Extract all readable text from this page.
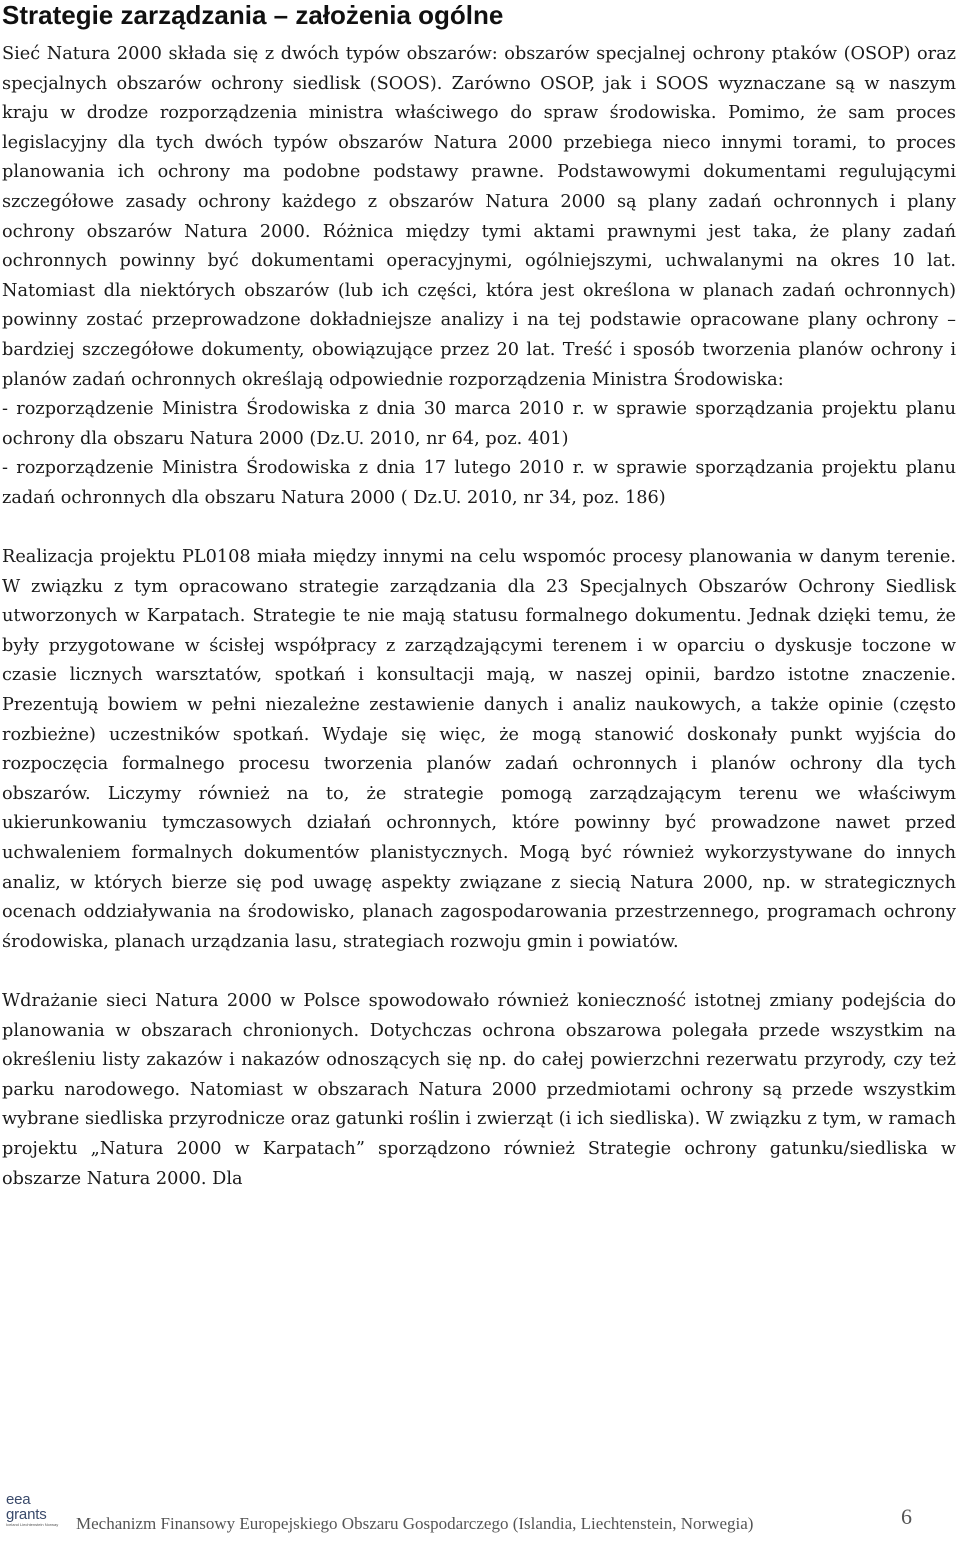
Strategie zarządzania – założenia ogólne

Sieć Natura 2000 składa się z dwóch typów obszarów: obszarów specjalnej ochrony ptaków (OSOP) oraz specjalnych obszarów ochrony siedlisk (SOOS). Zarówno OSOP, jak i SOOS wyznaczane są w naszym kraju w drodze rozporządzenia ministra właściwego do spraw środowiska. Pomimo, że sam proces legislacyjny dla tych dwóch typów obszarów Natura 2000 przebiega nieco innymi torami, to proces planowania ich ochrony ma podobne podstawy prawne. Podstawowymi dokumentami regulującymi szczegółowe zasady ochrony każdego z obszarów Natura 2000 są plany zadań ochronnych i plany ochrony obszarów Natura 2000. Różnica między tymi aktami prawnymi jest taka, że plany zadań ochronnych powinny być dokumentami operacyjnymi, ogólniejszymi, uchwalanymi na okres 10 lat. Natomiast dla niektórych obszarów (lub ich części, która jest określona w planach zadań ochronnych) powinny zostać przeprowadzone dokładniejsze analizy i na tej podstawie opracowane plany ochrony – bardziej szczegółowe dokumenty, obowiązujące przez 20 lat. Treść i sposób tworzenia planów ochrony i planów zadań ochronnych określają odpowiednie rozporządzenia Ministra Środowiska:

- rozporządzenie Ministra Środowiska z dnia 30 marca 2010 r. w sprawie sporządzania projektu planu ochrony dla obszaru Natura 2000 (Dz.U. 2010, nr 64, poz. 401)

- rozporządzenie Ministra Środowiska z dnia 17 lutego 2010 r. w sprawie sporządzania projektu planu zadań ochronnych dla obszaru Natura 2000 ( Dz.U. 2010, nr 34, poz. 186)

Realizacja projektu PL0108 miała między innymi na celu wspomóc procesy planowania w danym terenie. W związku z tym opracowano strategie zarządzania dla 23 Specjalnych Obszarów Ochrony Siedlisk utworzonych w Karpatach. Strategie te nie mają statusu formalnego dokumentu. Jednak dzięki temu, że były przygotowane w ścisłej współpracy z zarządzającymi terenem i w oparciu o dyskusje toczone w czasie licznych warsztatów, spotkań i konsultacji mają, w naszej opinii, bardzo istotne znaczenie. Prezentują bowiem w pełni niezależne zestawienie danych i analiz naukowych, a także opinie (często rozbieżne) uczestników spotkań. Wydaje się więc, że mogą stanowić doskonały punkt wyjścia do rozpoczęcia formalnego procesu tworzenia planów zadań ochronnych i planów ochrony dla tych obszarów. Liczymy również na to, że strategie pomogą zarządzającym terenu we właściwym ukierunkowaniu tymczasowych działań ochronnych, które powinny być prowadzone nawet przed uchwaleniem formalnych dokumentów planistycznych. Mogą być również wykorzystywane do innych analiz, w których bierze się pod uwagę aspekty związane z siecią Natura 2000, np. w strategicznych ocenach oddziaływania na środowisko, planach zagospodarowania przestrzennego, programach ochrony środowiska, planach urządzania lasu, strategiach rozwoju gmin i powiatów.

Wdrażanie sieci Natura 2000 w Polsce spowodowało również konieczność istotnej zmiany podejścia do planowania w obszarach chronionych. Dotychczas ochrona obszarowa polegała przede wszystkim na określeniu listy zakazów i nakazów odnoszących się np. do całej powierzchni rezerwatu przyrody, czy też parku narodowego. Natomiast w obszarach Natura 2000 przedmiotami ochrony są przede wszystkim wybrane siedliska przyrodnicze oraz gatunki roślin i zwierząt (i ich siedliska). W związku z tym, w ramach projektu „Natura 2000 w Karpatach” sporządzono również Strategie ochrony gatunku/siedliska w obszarze Natura 2000. Dla

eea
grants
Iceland Liechtenstein Norway	Mechanizm Finansowy Europejskiego Obszaru Gospodarczego (Islandia, Liechtenstein, Norwegia)	6
